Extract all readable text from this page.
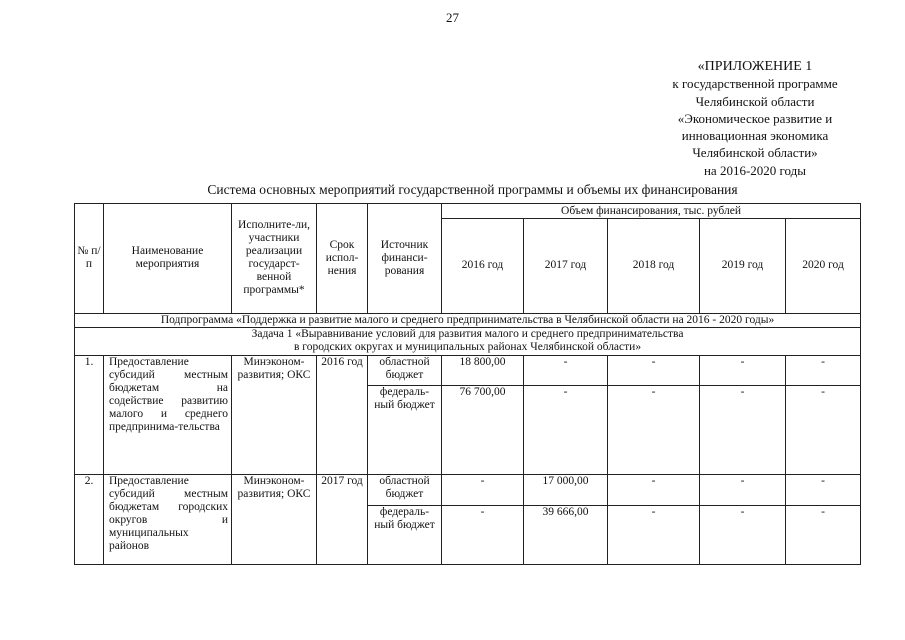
27
«ПРИЛОЖЕНИЕ 1
к государственной программе
Челябинской области
«Экономическое развитие и
инновационная экономика
Челябинской области»
на 2016-2020 годы
Система основных мероприятий государственной программы и объемы их финансирования
№ п/п	Наименование мероприятия	Исполните-ли, участники реализации государст-венной программы*	Срок испол-нения	Источник финанси-рования	Объем финансирования, тыс. рублей				
					2016 год	2017 год	2018 год	2019 год	2020 год
Подпрограмма «Поддержка и развитие малого и среднего предпринимательства в Челябинской области на 2016 - 2020 годы»									

Задача 1 «Выравнивание условий для развития малого и среднего предпринимательства
в городских округах и муниципальных районах Челябинской области»									

1.	Предоставление субсидий местным бюджетам на содействие развитию малого и среднего предпринима-тельства	Минэконом-развития; ОКС	2016 год	областной бюджет	18 800,00	-	-	-	-
				федераль-ный бюджет	76 700,00	-	-	-	-
2.	Предоставление субсидий местным бюджетам городских округов и муниципальных районов	Минэконом-развития; ОКС	2017 год	областной бюджет	-	17 000,00	-	-	-
				федераль-ный бюджет	-	39 666,00	-	-	-
